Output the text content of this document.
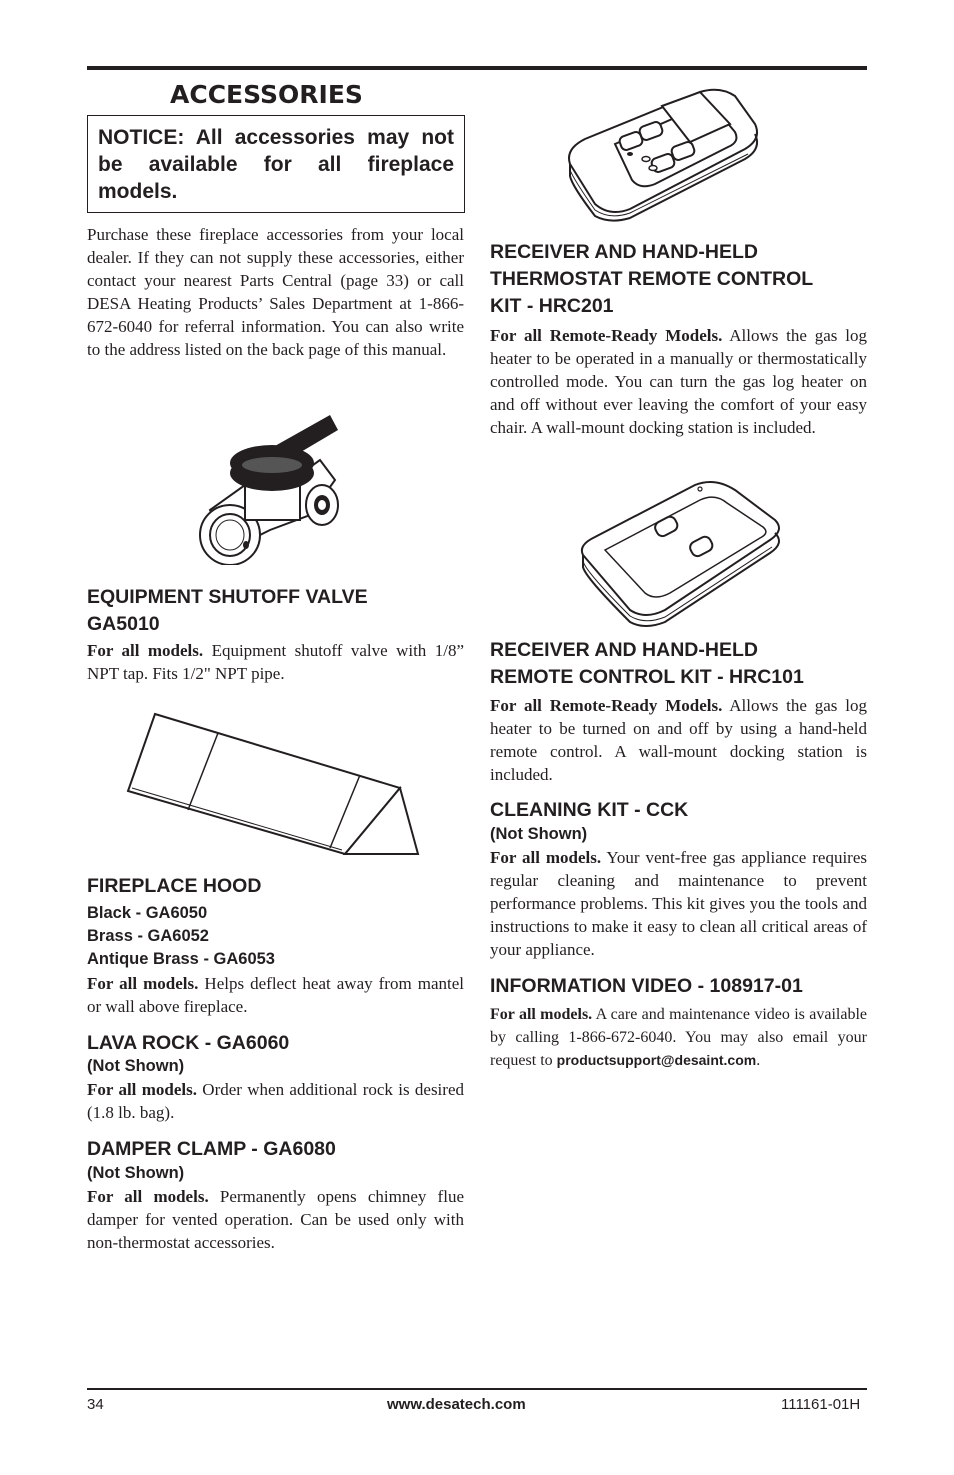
ACCESSORIES
NOTICE: All accessories may not be available for all fireplace models.
Purchase these fireplace accessories from your local dealer. If they can not supply these accessories, either contact your nearest Parts Central (page 33) or call DESA Heating Products’ Sales Department at 1-866-672-6040 for referral information. You can also write to the address listed on the back page of this manual.
EQUIPMENT SHUTOFF VALVE
GA5010
For all models. Equipment shutoff valve with 1/8” NPT tap. Fits 1/2" NPT pipe.
FIREPLACE HOOD
Black - GA6050
Brass - GA6052
Antique Brass - GA6053
For all models. Helps deflect heat away from mantel or wall above fireplace.
LAVA ROCK - GA6060
(Not Shown)
For all models. Order when additional rock is desired (1.8 lb. bag).
DAMPER CLAMP - GA6080
(Not Shown)
For all models. Permanently opens chimney flue damper for vented operation. Can be used only with non-thermostat accessories.
RECEIVER AND HAND-HELD
THERMOSTAT REMOTE CONTROL
KIT - HRC201
For all Remote-Ready Models. Allows the gas log heater to be operated in a manually or thermostatically controlled mode. You can turn the gas log heater on and off without ever leaving the comfort of your easy chair. A wall-mount docking station is included.
RECEIVER AND HAND-HELD
REMOTE CONTROL KIT - HRC101
For all Remote-Ready Models. Allows the gas log heater to be turned on and off by using a hand-held remote control. A wall-mount docking station is included.
CLEANING KIT - CCK
(Not Shown)
For all models. Your vent-free gas appliance requires regular cleaning and maintenance to prevent performance problems. This kit gives you the tools and instructions to make it easy to clean all critical areas of your appliance.
INFORMATION VIDEO - 108917-01
For all models. A care and maintenance video is available by calling 1-866-672-6040. You may also email your request to productsupport@desaint.com.
34	www.desatech.com	111161-01H
